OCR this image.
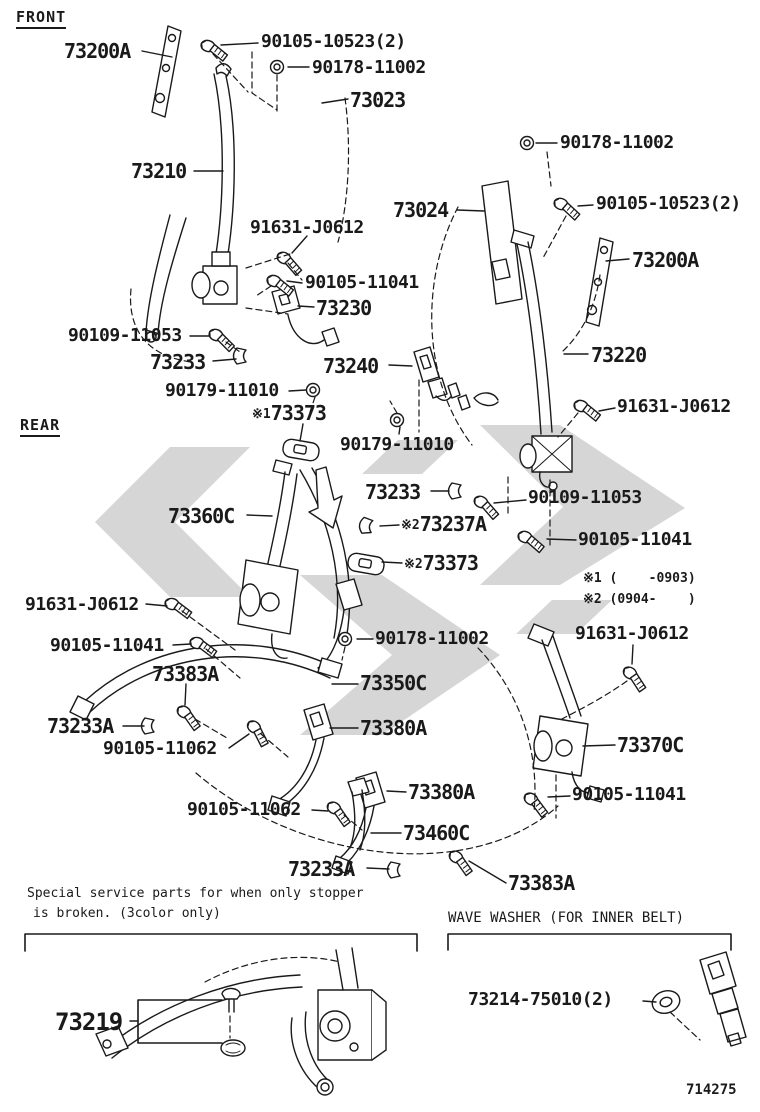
FRONT
REAR
73200A	90105-10523(2)
90178-11002
73023
73210
90178-11002
73024	90105-10523(2)
73200A
91631-J0612
90105-11041
73230
73220
90109-11053
73233
90179-11010
※173373
73240
91631-J0612
90179-11010
73233	90109-11053
73360C	※273237A
90105-11041
※273373
91631-J0612
90105-11041
73383A
73233A
90105-11062
90178-11002
73350C
73380A
73380A
90105-11062
73460C
73233A
73383A
91631-J0612
73370C
90105-11041
73219
73214-75010(2)
※1 (    -0903)
※2 (0904-    )
Special service parts for when only stopper
is broken. (3color only)	WAVE WASHER (FOR INNER BELT)
714275
